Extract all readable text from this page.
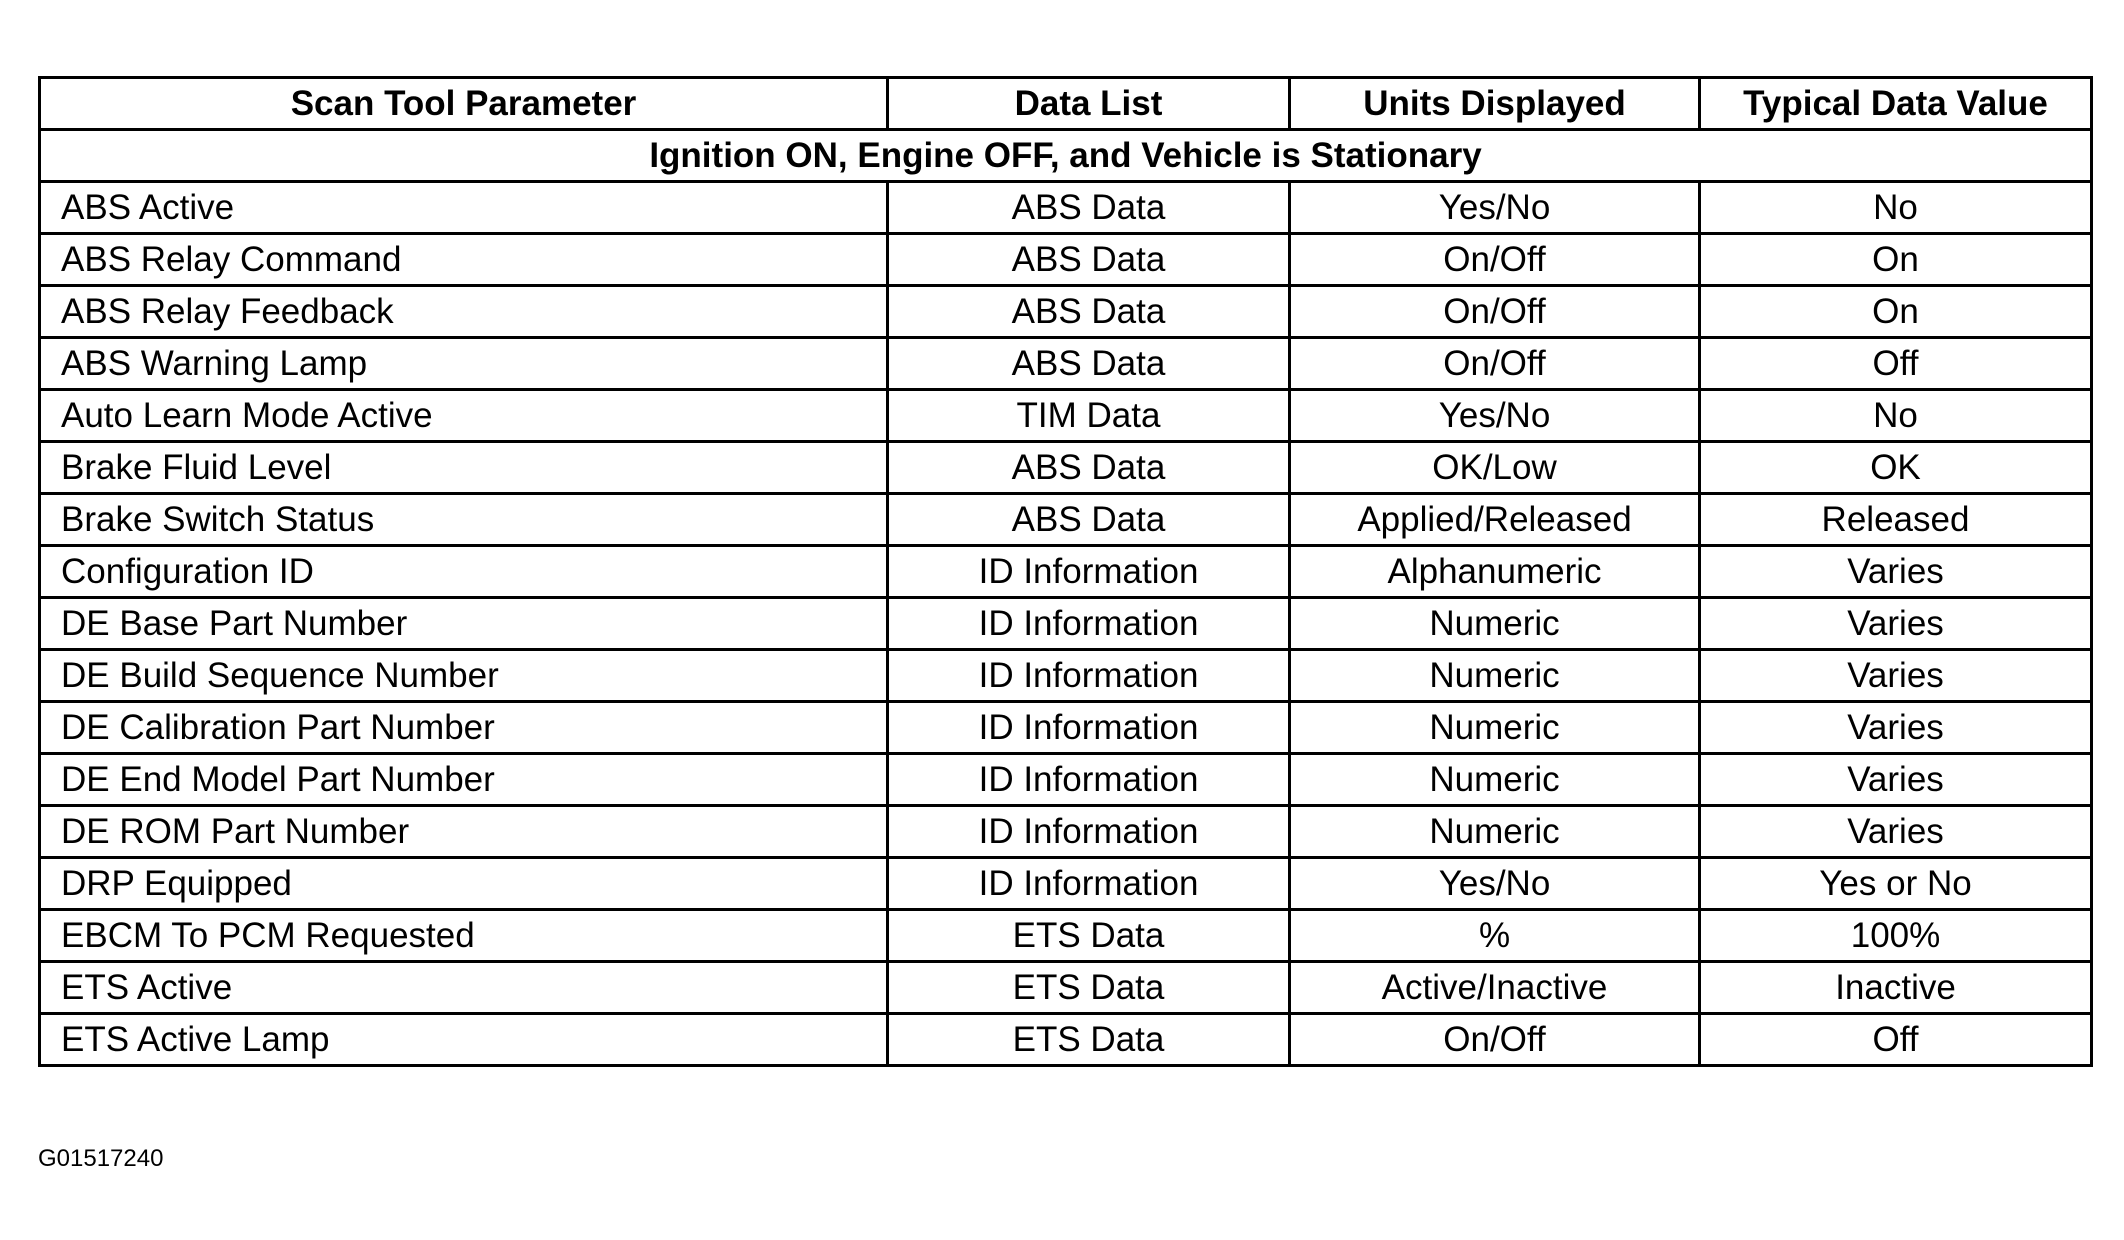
Scan Tool Parameter	Data List	Units Displayed	Typical Data Value
Ignition ON, Engine OFF, and Vehicle is Stationary			
ABS Active	ABS Data	Yes/No	No
ABS Relay Command	ABS Data	On/Off	On
ABS Relay Feedback	ABS Data	On/Off	On
ABS Warning Lamp	ABS Data	On/Off	Off
Auto Learn Mode Active	TIM Data	Yes/No	No
Brake Fluid Level	ABS Data	OK/Low	OK
Brake Switch Status	ABS Data	Applied/Released	Released
Configuration ID	ID Information	Alphanumeric	Varies
DE Base Part Number	ID Information	Numeric	Varies
DE Build Sequence Number	ID Information	Numeric	Varies
DE Calibration Part Number	ID Information	Numeric	Varies
DE End Model Part Number	ID Information	Numeric	Varies
DE ROM Part Number	ID Information	Numeric	Varies
DRP Equipped	ID Information	Yes/No	Yes or No
EBCM To PCM Requested	ETS Data	%	100%
ETS Active	ETS Data	Active/Inactive	Inactive
ETS Active Lamp	ETS Data	On/Off	Off
G01517240
